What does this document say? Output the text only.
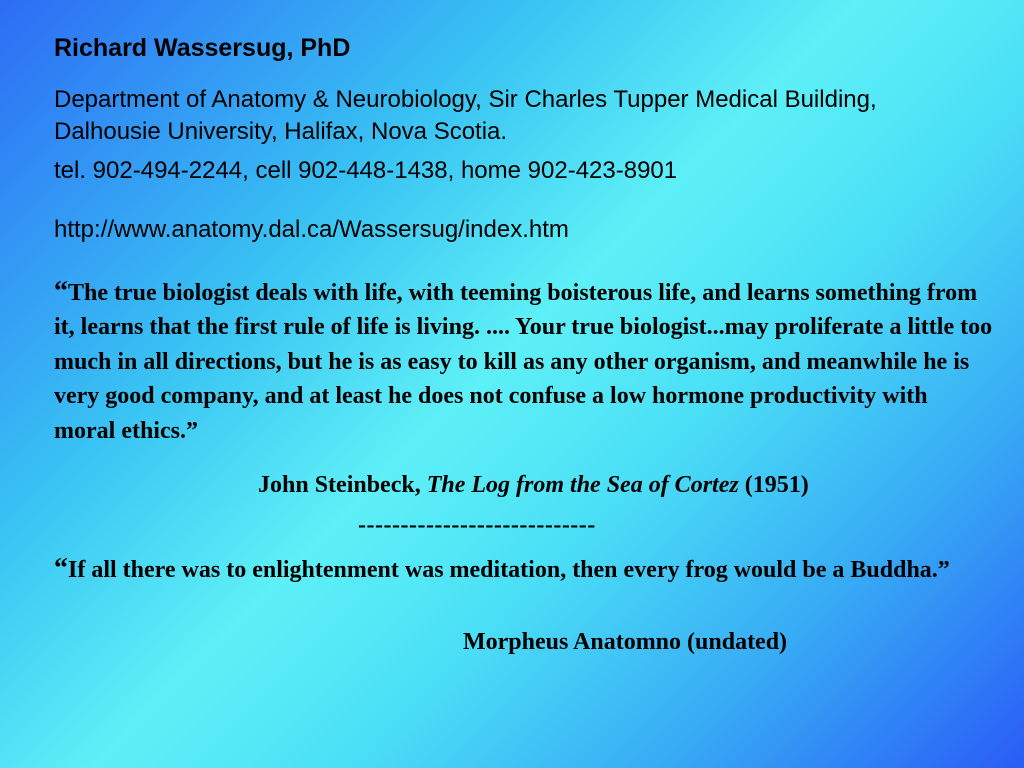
Richard Wassersug, PhD
Department of Anatomy & Neurobiology, Sir Charles Tupper Medical Building, Dalhousie University, Halifax, Nova Scotia.
tel. 902-494-2244, cell 902-448-1438, home 902-423-8901
http://www.anatomy.dal.ca/Wassersug/index.htm
“The true biologist deals with life, with teeming boisterous life, and learns something from it, learns that the first rule of life is living. .... Your true biologist...may proliferate a little too much in all directions, but he is as easy to kill as any other organism, and meanwhile he is very good company, and at least he does not confuse a low hormone productivity with moral ethics.”
John Steinbeck, The Log from the Sea of Cortez (1951)
----------------------------
“If all there was to enlightenment was meditation, then every frog would be a Buddha.”
Morpheus Anatomno (undated)
